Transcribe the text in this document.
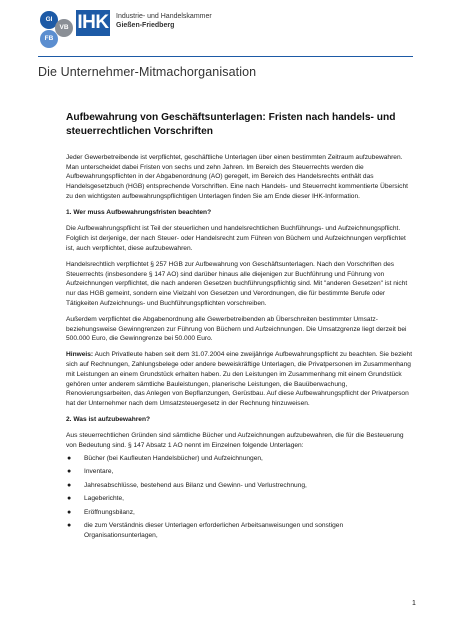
GI
VB
FB
IHK Industrie- und Handelskammer
Gießen-Friedberg
Die Unternehmer-Mitmachorganisation
Aufbewahrung von Geschäftsunterlagen: Fristen nach handels- und steuerrechtlichen Vorschriften

Jeder Gewerbetreibende ist verpflichtet, geschäftliche Unterlagen über einen bestimmten Zeitraum aufzubewahren. Man unterscheidet dabei Fristen von sechs und zehn Jahren. Im Bereich des Steuerrechts werden die Aufbewahrungspflichten in der Abgabenordnung (AO) geregelt, im Bereich des Handelsrechts enthält das Handelsgesetzbuch (HGB) entsprechende Vorschriften. Eine nach Handels- und Steuerrecht kommentierte Übersicht zu den wichtigsten aufbewahrungspflichtigen Unterlagen finden Sie am Ende dieser IHK-Information.

1. Wer muss Aufbewahrungsfristen beachten?

Die Aufbewahrungspflicht ist Teil der steuerlichen und handelsrechtlichen Buchführungs- und Aufzeichnungspflicht. Folglich ist derjenige, der nach Steuer- oder Handelsrecht zum Führen von Büchern und Aufzeichnungen verpflichtet ist, auch verpflichtet, diese aufzubewahren.

Handelsrechtlich verpflichtet § 257 HGB zur Aufbewahrung von Geschäftsunterlagen. Nach den Vorschriften des Steuerrechts (insbesondere § 147 AO) sind darüber hinaus alle diejenigen zur Buchführung und Führung von Aufzeichnungen verpflichtet, die nach anderen Gesetzen buchführungspflichtig sind. Mit "anderen Gesetzen" ist nicht nur das HGB gemeint, sondern eine Vielzahl von Gesetzen und Verordnungen, die für bestimmte Berufe oder Tätigkeiten Aufzeichnungs- und Buchführungspflichten vorschreiben.

Außerdem verpflichtet die Abgabenordnung alle Gewerbetreibenden ab Überschreiten bestimmter Umsatz- beziehungsweise Gewinngrenzen zur Führung von Büchern und Aufzeichnungen. Die Umsatzgrenze liegt derzeit bei 500.000 Euro, die Gewinngrenze bei 50.000 Euro.

Hinweis: Auch Privatleute haben seit dem 31.07.2004 eine zweijährige Aufbewahrungspflicht zu beachten. Sie bezieht sich auf Rechnungen, Zahlungsbelege oder andere beweiskräftige Unterlagen, die Privatpersonen im Zusammenhang mit Leistungen an einem Grundstück erhalten haben. Zu den Leistungen im Zusammenhang mit einem Grundstück gehören unter anderem sämtliche Bauleistungen, planerische Leistungen, die Bauüberwachung, Renovierungsarbeiten, das Anlegen von Bepflanzungen, Gerüstbau. Auf diese Aufbewahrungspflicht der Privatperson hat der Unternehmer nach dem Umsatzsteuergesetz in der Rechnung hinzuweisen.

2. Was ist aufzubewahren?

Aus steuerrechtlichen Gründen sind sämtliche Bücher und Aufzeichnungen aufzubewahren, die für die Besteuerung von Bedeutung sind. § 147 Absatz 1 AO nennt im Einzelnen folgende Unterlagen:

● Bücher (bei Kaufleuten Handelsbücher) und Aufzeichnungen,
● Inventare,
● Jahresabschlüsse, bestehend aus Bilanz und Gewinn- und Verlustrechnung,
● Lageberichte,
● Eröffnungsbilanz,
● die zum Verständnis dieser Unterlagen erforderlichen Arbeitsanweisungen und sonstigen Organisationsunterlagen,
1
